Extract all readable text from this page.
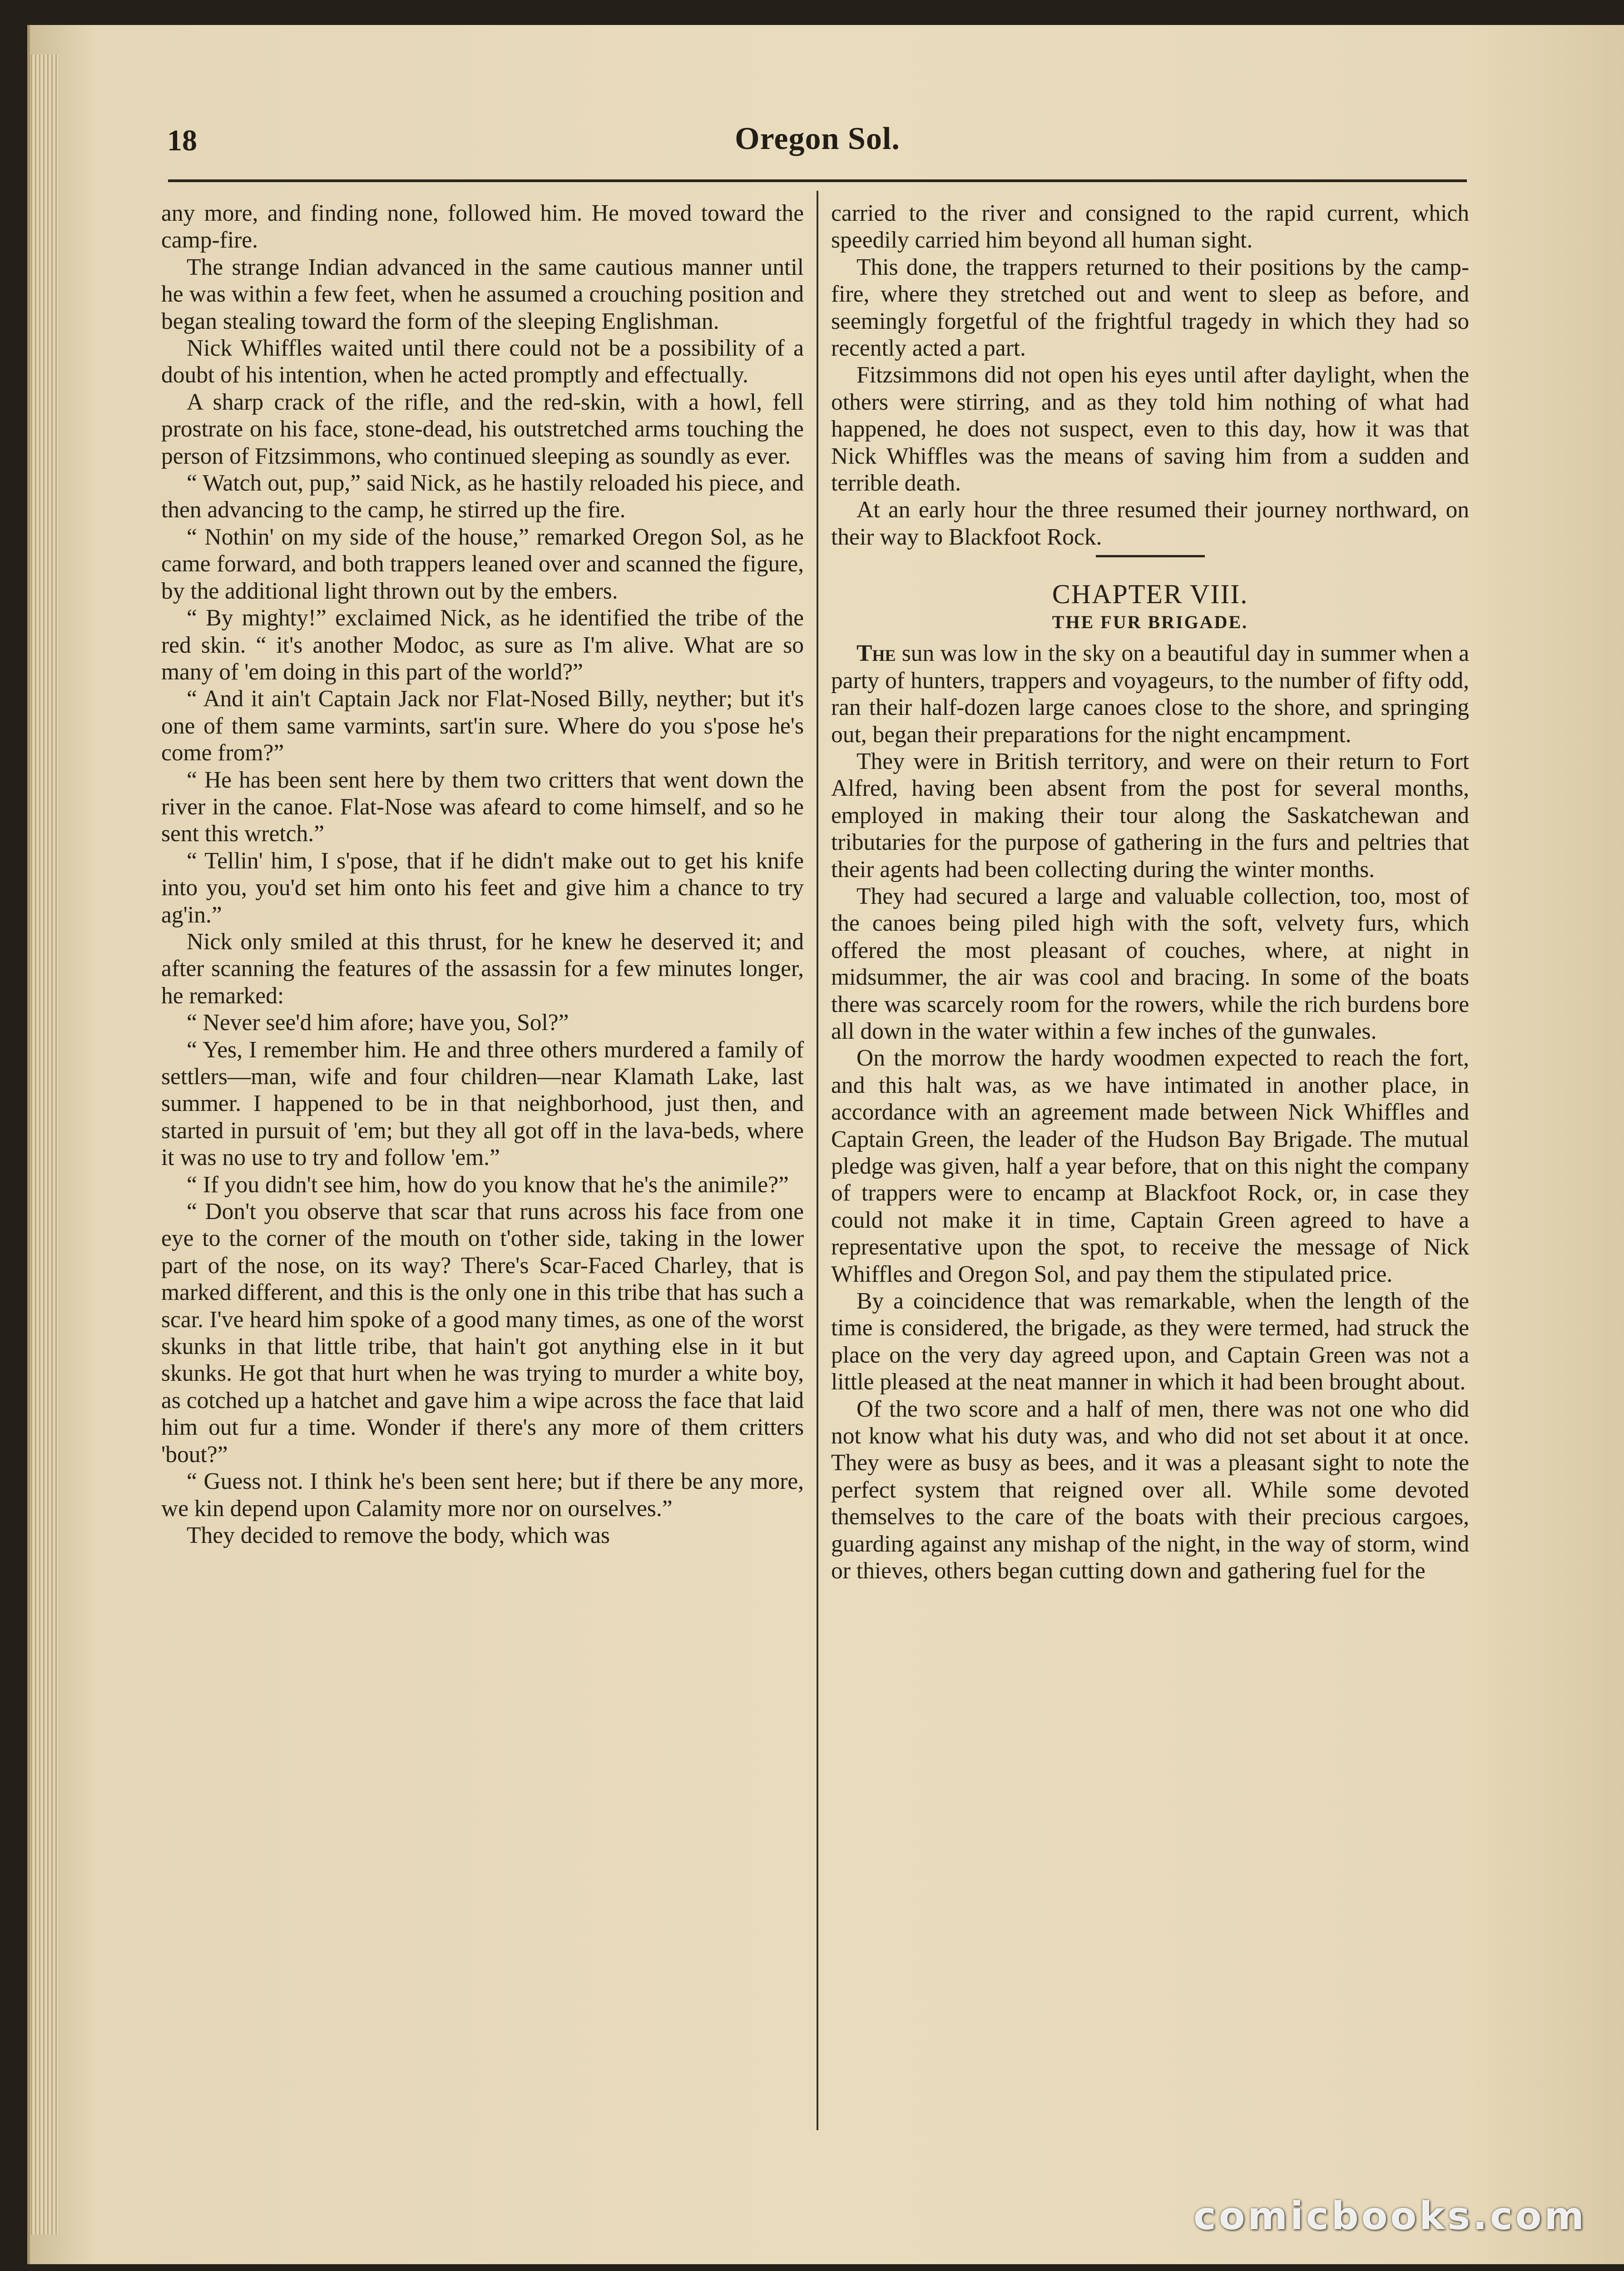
18	Oregon Sol.

any more, and finding none, followed him. He moved toward the camp-fire.

The strange Indian advanced in the same cautious manner until he was within a few feet, when he assumed a crouching position and began stealing toward the form of the sleeping Englishman.

Nick Whiffles waited until there could not be a possibility of a doubt of his intention, when he acted promptly and effectually.

A sharp crack of the rifle, and the red-skin, with a howl, fell prostrate on his face, stone-dead, his outstretched arms touching the person of Fitzsimmons, who continued sleeping as soundly as ever.

“ Watch out, pup,” said Nick, as he hastily reloaded his piece, and then advancing to the camp, he stirred up the fire.

“ Nothin' on my side of the house,” remarked Oregon Sol, as he came forward, and both trappers leaned over and scanned the figure, by the additional light thrown out by the embers.

“ By mighty!” exclaimed Nick, as he identified the tribe of the red skin. “ it's another Modoc, as sure as I'm alive. What are so many of 'em doing in this part of the world?”

“ And it ain't Captain Jack nor Flat-Nosed Billy, neyther; but it's one of them same varmints, sart'in sure. Where do you s'pose he's come from?”

“ He has been sent here by them two critters that went down the river in the canoe. Flat-Nose was afeard to come himself, and so he sent this wretch.”

“ Tellin' him, I s'pose, that if he didn't make out to get his knife into you, you'd set him onto his feet and give him a chance to try ag'in.”

Nick only smiled at this thrust, for he knew he deserved it; and after scanning the features of the assassin for a few minutes longer, he remarked:

“ Never see'd him afore; have you, Sol?”

“ Yes, I remember him. He and three others murdered a family of settlers—man, wife and four children—near Klamath Lake, last summer. I happened to be in that neighborhood, just then, and started in pursuit of 'em; but they all got off in the lava-beds, where it was no use to try and follow 'em.”

“ If you didn't see him, how do you know that he's the animile?”

“ Don't you observe that scar that runs across his face from one eye to the corner of the mouth on t'other side, taking in the lower part of the nose, on its way? There's Scar-Faced Charley, that is marked different, and this is the only one in this tribe that has such a scar. I've heard him spoke of a good many times, as one of the worst skunks in that little tribe, that hain't got anything else in it but skunks. He got that hurt when he was trying to murder a white boy, as cotched up a hatchet and gave him a wipe across the face that laid him out fur a time. Wonder if there's any more of them critters 'bout?”

“ Guess not. I think he's been sent here; but if there be any more, we kin depend upon Calamity more nor on ourselves.”

They decided to remove the body, which was

carried to the river and consigned to the rapid current, which speedily carried him beyond all human sight.

This done, the trappers returned to their positions by the camp-fire, where they stretched out and went to sleep as before, and seemingly forgetful of the frightful tragedy in which they had so recently acted a part.

Fitzsimmons did not open his eyes until after daylight, when the others were stirring, and as they told him nothing of what had happened, he does not suspect, even to this day, how it was that Nick Whiffles was the means of saving him from a sudden and terrible death.

At an early hour the three resumed their journey northward, on their way to Blackfoot Rock.

CHAPTER VIII.

THE FUR BRIGADE.

The sun was low in the sky on a beautiful day in summer when a party of hunters, trappers and voyageurs, to the number of fifty odd, ran their half-dozen large canoes close to the shore, and springing out, began their preparations for the night encampment.

They were in British territory, and were on their return to Fort Alfred, having been absent from the post for several months, employed in making their tour along the Saskatchewan and tributaries for the purpose of gathering in the furs and peltries that their agents had been collecting during the winter months.

They had secured a large and valuable collection, too, most of the canoes being piled high with the soft, velvety furs, which offered the most pleasant of couches, where, at night in midsummer, the air was cool and bracing. In some of the boats there was scarcely room for the rowers, while the rich burdens bore all down in the water within a few inches of the gunwales.

On the morrow the hardy woodmen expected to reach the fort, and this halt was, as we have intimated in another place, in accordance with an agreement made between Nick Whiffles and Captain Green, the leader of the Hudson Bay Brigade. The mutual pledge was given, half a year before, that on this night the company of trappers were to encamp at Blackfoot Rock, or, in case they could not make it in time, Captain Green agreed to have a representative upon the spot, to receive the message of Nick Whiffles and Oregon Sol, and pay them the stipulated price.

By a coincidence that was remarkable, when the length of the time is considered, the brigade, as they were termed, had struck the place on the very day agreed upon, and Captain Green was not a little pleased at the neat manner in which it had been brought about.

Of the two score and a half of men, there was not one who did not know what his duty was, and who did not set about it at once. They were as busy as bees, and it was a pleasant sight to note the perfect system that reigned over all. While some devoted themselves to the care of the boats with their precious cargoes, guarding against any mishap of the night, in the way of storm, wind or thieves, others began cutting down and gathering fuel for the

comicbooks.com
